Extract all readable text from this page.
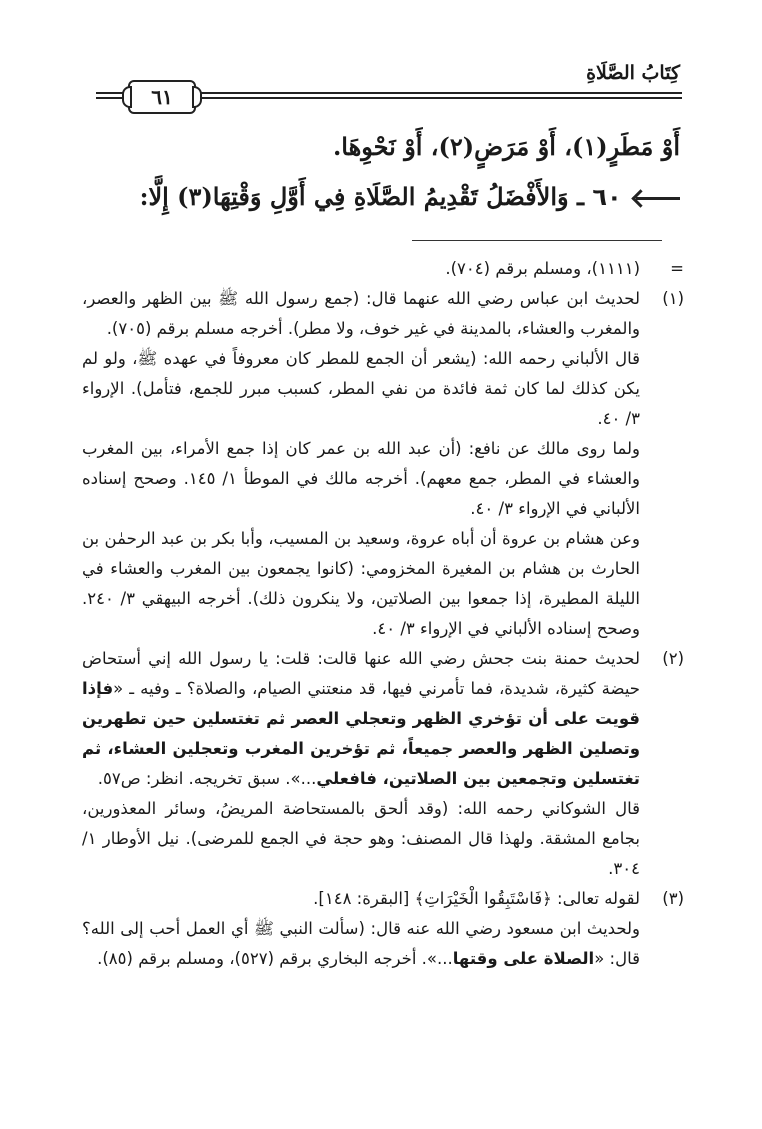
كِتَابُ الصَّلَاةِ
٦١
أَوْ مَطَرٍ(١)، أَوْ مَرَضٍ(٢)، أَوْ نَحْوِهَا.
٦٠ ـ وَالأَفْضَلُ تَقْدِيمُ الصَّلَاةِ فِي أَوَّلِ وَقْتِهَا(٣) إِلَّا:
=
(١١١١)، ومسلم برقم (٧٠٤).
(١)
لحديث ابن عباس رضي الله عنهما قال: (جمع رسول الله ﷺ بين الظهر والعصر، والمغرب والعشاء، بالمدينة في غير خوف، ولا مطر). أخرجه مسلم برقم (٧٠٥).

قال الألباني رحمه الله: (يشعر أن الجمع للمطر كان معروفاً في عهده ﷺ، ولو لم يكن كذلك لما كان ثمة فائدة من نفي المطر، كسبب مبرر للجمع، فتأمل). الإرواء ٣/ ٤٠.

ولما روى مالك عن نافع: (أن عبد الله بن عمر كان إذا جمع الأمراء، بين المغرب والعشاء في المطر، جمع معهم). أخرجه مالك في الموطأ ١/ ١٤٥. وصحح إسناده الألباني في الإرواء ٣/ ٤٠.

وعن هشام بن عروة أن أباه عروة، وسعيد بن المسيب، وأبا بكر بن عبد الرحمٰن بن الحارث بن هشام بن المغيرة المخزومي: (كانوا يجمعون بين المغرب والعشاء في الليلة المطيرة، إذا جمعوا بين الصلاتين، ولا ينكرون ذلك). أخرجه البيهقي ٣/ ٢٤٠. وصحح إسناده الألباني في الإرواء ٣/ ٤٠.

(٢)
لحديث حمنة بنت جحش رضي الله عنها قالت: قلت: يا رسول الله إني أستحاض حيضة كثيرة، شديدة، فما تأمرني فيها، قد منعتني الصيام، والصلاة؟ ـ وفيه ـ «فإذا قويت على أن تؤخري الظهر وتعجلي العصر ثم تغتسلين حين تطهرين وتصلين الظهر والعصر جميعاً، ثم تؤخرين المغرب وتعجلين العشاء، ثم تغتسلين وتجمعين بين الصلاتين، فافعلي...». سبق تخريجه. انظر: ص٥٧.

قال الشوكاني رحمه الله: (وقد ألحق بالمستحاضة المريضُ، وسائر المعذورين، بجامع المشقة. ولهذا قال المصنف: وهو حجة في الجمع للمرضى). نيل الأوطار ١/ ٣٠٤.

(٣)
لقوله تعالى: ﴿فَاسْتَبِقُوا الْخَيْرَاتِ﴾ [البقرة: ١٤٨].

ولحديث ابن مسعود رضي الله عنه قال: (سألت النبي ﷺ أي العمل أحب إلى الله؟ قال: «الصلاة على وقتها...». أخرجه البخاري برقم (٥٢٧)، ومسلم برقم (٨٥).
